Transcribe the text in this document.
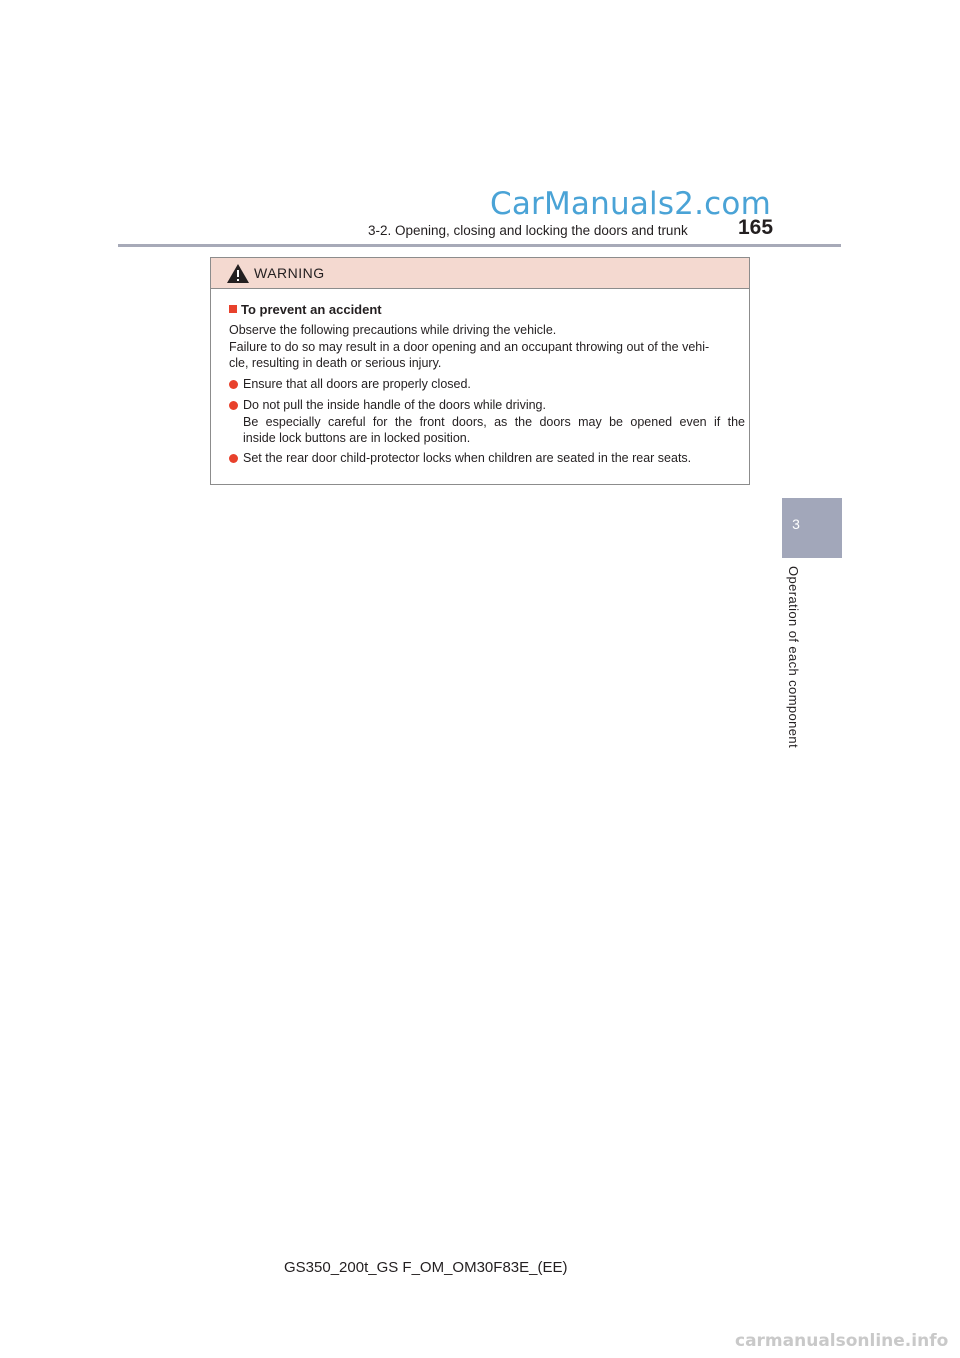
CarManuals2.com
3-2. Opening, closing and locking the doors and trunk	165
WARNING
To prevent an accident
Observe the following precautions while driving the vehicle.
Failure to do so may result in a door opening and an occupant throwing out of the vehi-
cle, resulting in death or serious injury.
Ensure that all doors are properly closed.
Do not pull the inside handle of the doors while driving.
Be especially careful for the front doors, as the doors may be opened even if the
inside lock buttons are in locked position.
Set the rear door child-protector locks when children are seated in the rear seats.
3
Operation of each component
GS350_200t_GS F_OM_OM30F83E_(EE)
carmanualsonline.info
